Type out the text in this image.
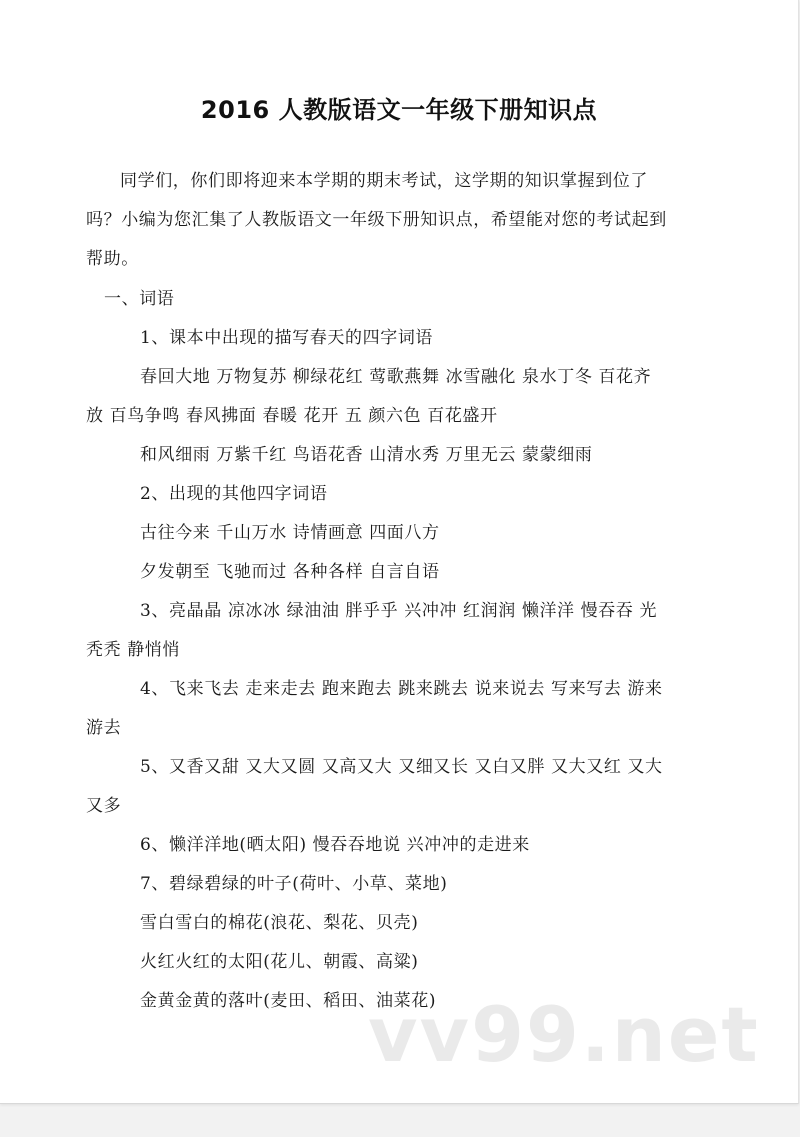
2016 人教版语文一年级下册知识点
同学们，你们即将迎来本学期的期末考试，这学期的知识掌握到位了
吗？小编为您汇集了人教版语文一年级下册知识点，希望能对您的考试起到
帮助。
一、词语
1、课本中出现的描写春天的四字词语
春回大地 万物复苏 柳绿花红 莺歌燕舞 冰雪融化 泉水丁冬 百花齐
放 百鸟争鸣 春风拂面 春暖 花开 五 颜六色 百花盛开
和风细雨 万紫千红 鸟语花香 山清水秀 万里无云 蒙蒙细雨
2、出现的其他四字词语
古往今来 千山万水 诗情画意 四面八方
夕发朝至 飞驰而过 各种各样 自言自语
3、亮晶晶 凉冰冰 绿油油 胖乎乎 兴冲冲 红润润 懒洋洋 慢吞吞 光
秃秃 静悄悄
4、飞来飞去 走来走去 跑来跑去 跳来跳去 说来说去 写来写去 游来
游去
5、又香又甜 又大又圆 又高又大 又细又长 又白又胖 又大又红 又大
又多
6、懒洋洋地(晒太阳) 慢吞吞地说 兴冲冲的走进来
7、碧绿碧绿的叶子(荷叶、小草、菜地)
雪白雪白的棉花(浪花、梨花、贝壳)
火红火红的太阳(花儿、朝霞、高粱)
金黄金黄的落叶(麦田、稻田、油菜花)
vv99.net
